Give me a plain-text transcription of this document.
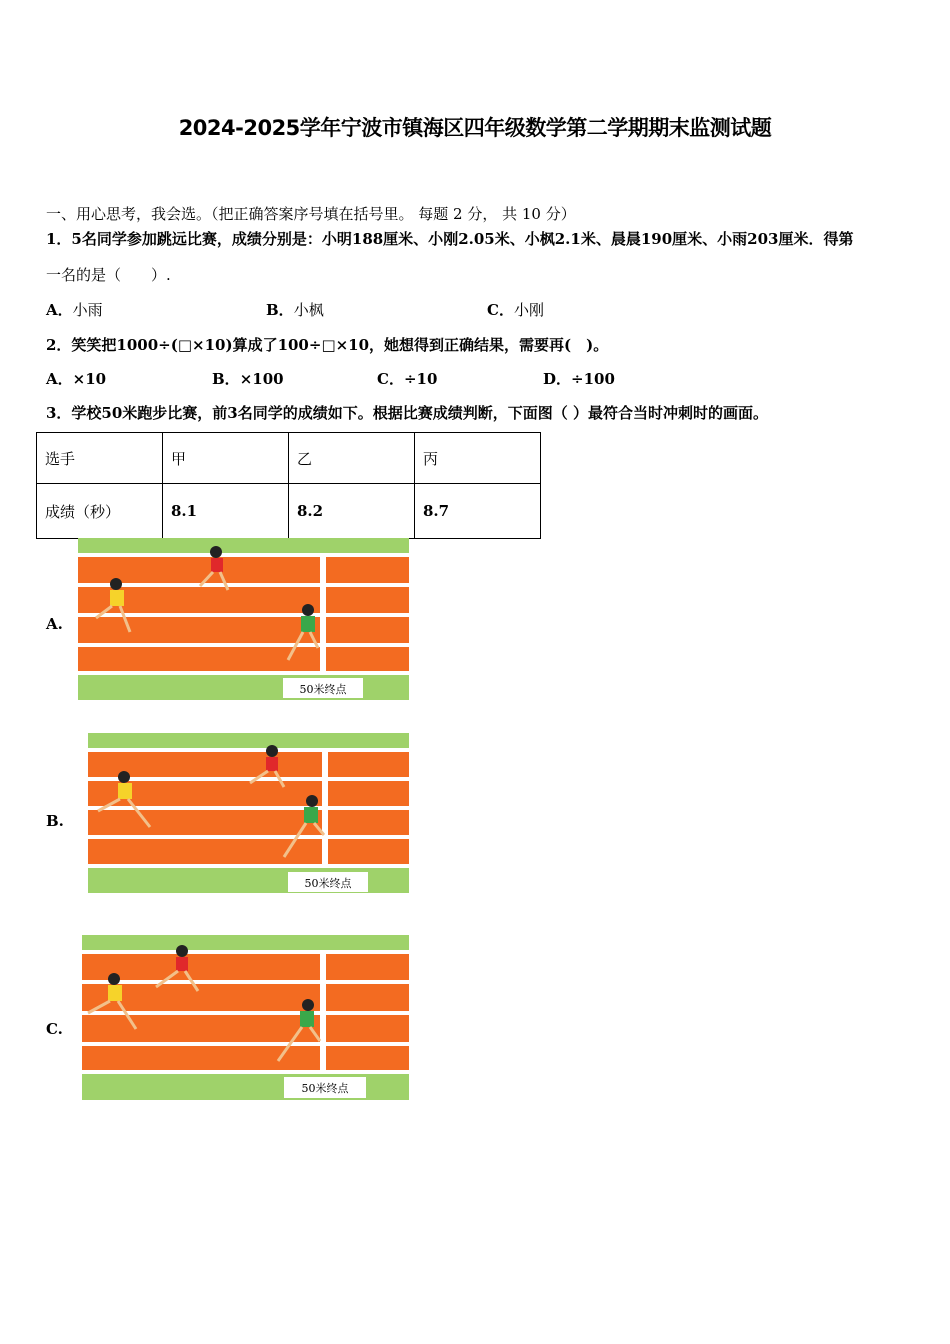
2024-2025学年宁波市镇海区四年级数学第二学期期末监测试题
一、用心思考，我会选。（把正确答案序号填在括号里。 每题 2 分， 共 10 分）
1．5名同学参加跳远比赛，成绩分别是：小明188厘米、小刚2.05米、小枫2.1米、晨晨190厘米、小雨203厘米．得第
一名的是（　　）.
A．小雨	B．小枫	C．小刚
2．笑笑把1000÷(□×10)算成了100÷□×10，她想得到正确结果，需要再(　)。
A．×10	B．×100	C．÷10	D．÷100
3．学校50米跑步比赛，前3名同学的成绩如下。根据比赛成绩判断，下面图（ ）最符合当时冲刺时的画面。
选手	甲	乙	丙
成绩（秒）	8.1	8.2	8.7
A.
50米终点
B.
50米终点
C.
50米终点
